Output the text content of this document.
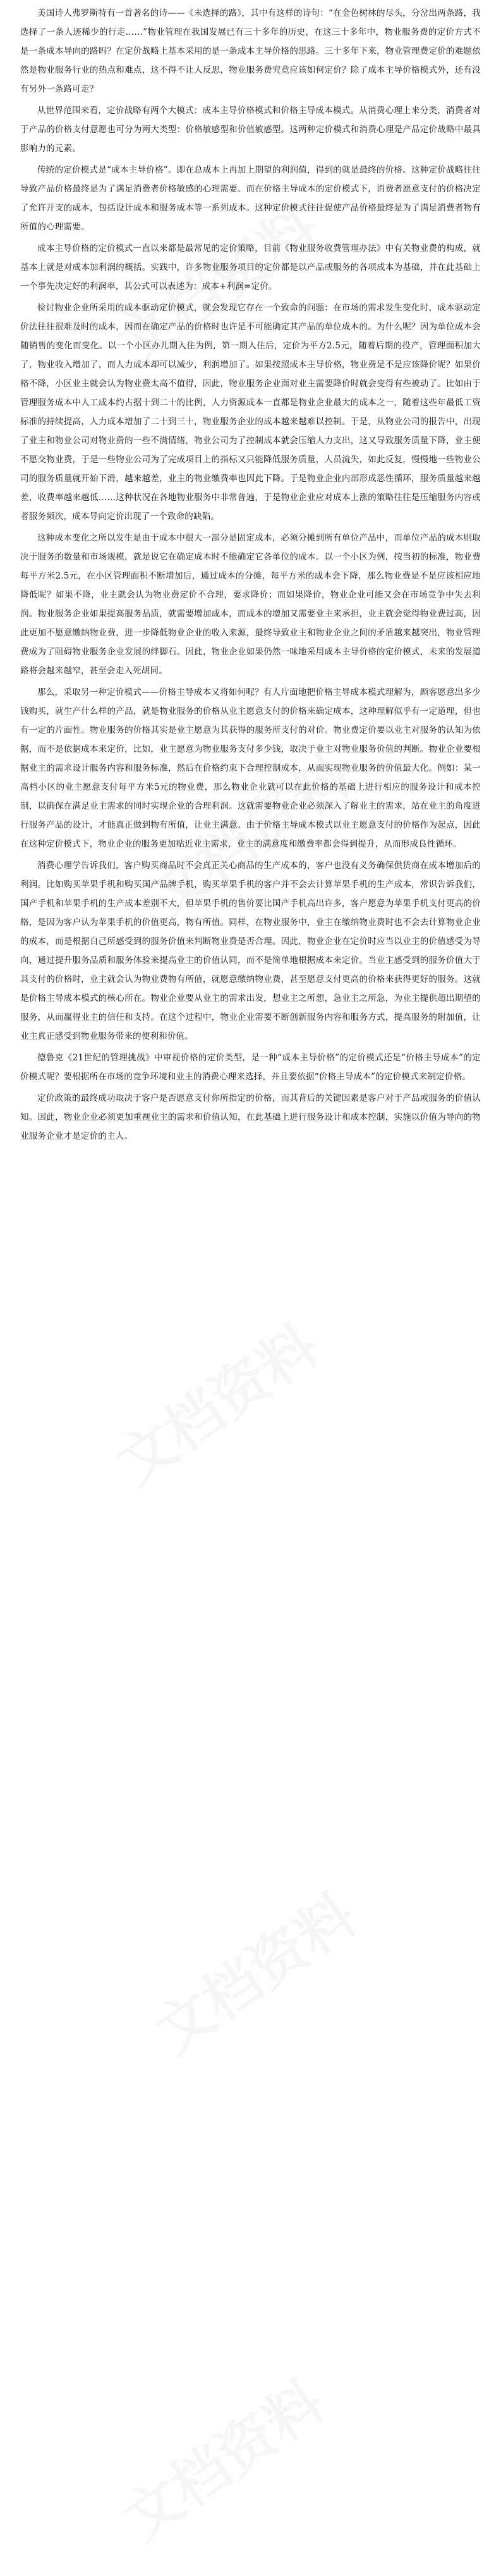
美国诗人弗罗斯特有一首著名的诗——《未选择的路》，其中有这样的诗句：“在金色树林的尽头，分岔出两条路，我选择了一条人迹稀少的行走……”物业管理在我国发展已有三十多年的历史，在这三十多年中，物业服务费的定价方式不是一条成本导向的路吗？在定价战略上基本采用的是一条成本主导价格的思路。三十多年下来，物业管理费定价的难题依然是物业服务行业的热点和难点，这不得不让人反思，物业服务费究竟应该如何定价？除了成本主导价格模式外，还有没有另外一条路可走？

从世界范围来看，定价战略有两个大模式：成本主导价格模式和价格主导成本模式。从消费心理上来分类，消费者对于产品的价格支付意愿也可分为两大类型：价格敏感型和价值敏感型。这两种定价模式和消费心理是产品定价战略中最具影响力的元素。

传统的定价模式是“成本主导价格”。即在总成本上再加上期望的利润值，得到的就是最终的价格。这种定价战略往往导致产品价格最终是为了满足消费者价格敏感的心理需要。而在价格主导成本的定价模式下，消费者愿意支付的价格决定了允许开支的成本，包括设计成本和服务成本等一系列成本。这种定价模式往往促使产品价格最终是为了满足消费者物有所值的心理需要。

成本主导价格的定价模式一直以来都是最常见的定价策略，目前《物业服务收费管理办法》中有关物业费的构成，就基本上就是对成本加利润的概括。实践中，许多物业服务项目的定价都是以产品或服务的各项成本为基础，并在此基础上一个事先决定好的利润率，其公式可以表述为：成本+利润=定价。

检讨物业企业所采用的成本驱动定价模式，就会发现它存在一个致命的问题：在市场的需求发生变化时，成本驱动定价法往往很难及时的成本，因而在确定产品的价格时也许是不可能确定其产品的单位成本的。为什么呢？因为单位成本会随销售的变化而变化。以一个小区办儿期入住为例，第一期入住后，定价为平方2.5元，随着后期的投产，管理面积加大了，物业收入增加了，而人力成本却可以减少，利润增加了。如果按照成本主导价格，物业费是不是应该降价呢？如果价格不降，小区业主就会认为物业费太高不值得，因此，物业服务企业面对业主需要降价时就会变得有些被动了。比如由于管理服务成本中人工成本约占据十到二十的比例，人力资源成本一直都是物业企业最大的成本之一，随着这些年最低工资标准的持续提高，人力成本增加了二十到三十，物业服务企业的成本越来越难以控制。于是，从物业公司的报告中，出现了业主和物业公司对物业费的一些不满情绪，物业公司为了控制成本就会压缩人力支出，这又导致服务质量下降，业主便不愿交物业费，于是一些物业公司为了完成项目上的指标又只能降低服务质量，人员流失，如此反复，慢慢地一些物业公司的服务质量就开始下滑，越来越差，业主的物业缴费率也因此下降。于是物业企业内部形成恶性循环，服务质量越来越差，收费率越来越低……这种状况在各地物业服务中非常普遍，于是物业企业应对成本上涨的策略往往是压缩服务内容或者服务频次，成本导向定价出现了一个致命的缺陷。

这种成本变化之所以发生是由于成本中很大一部分是固定成本，必须分摊到所有单位产品中，而单位产品的成本则取决于服务的数量和市场规模，就是说它在确定成本时不能确定它各单位的成本。以一个小区为例，按当初的标准，物业费每平方米2.5元，在小区管理面积不断增加后，通过成本的分摊，每平方米的成本会下降，那么物业费是不是应该相应地降低呢？如果不降，业主就会认为物业费定价不合理，要求降价；而如果降价，物业企业可能又会在市场竞争中失去利润。物业服务企业如果提高服务品质，就需要增加成本，而成本的增加又需要业主来承担，业主就会觉得物业费过高，因此更加不愿意缴纳物业费，进一步降低物业企业的收入来源，最终导致业主和物业企业之间的矛盾越来越突出，物业管理费成为了阻碍物业服务企业发展的绊脚石。因此，物业企业如果仍然一味地采用成本主导价格的定价模式，未来的发展道路将会越来越窄，甚至会走入死胡同。

那么，采取另一种定价模式——价格主导成本又将如何呢？有人片面地把价格主导成本模式理解为，顾客愿意出多少钱购买，就生产什么样的产品，就是物业服务的价格从业主愿意支付的价格来确定成本，这种理解似乎有一定道理，但也有一定的片面性。物业服务的价格其实是业主愿意为其获得的服务所支付的对价。物业费定价要以业主对服务的认知为依据，而不是依据成本来定价，比如，业主愿意为物业服务支付多少钱，取决于业主对物业服务价值的判断。物业企业要根据业主的需求设计服务内容和服务标准，然后在价格约束下合理控制成本，从而实现物业服务的价值最大化。例如：某一高档小区的业主愿意支付每平方米5元的物业费，那么物业企业就可以在此价格的基础上进行相应的服务设计和成本控制，以确保在满足业主需求的同时实现企业的合理利润。这就需要物业企业必须深入了解业主的需求，站在业主的角度进行服务产品的设计，才能真正做到物有所值，让业主满意。由于价格主导成本模式以业主愿意支付的价格作为起点，因此在这种定价模式下，物业企业的服务更加贴近业主需求，业主的满意度和缴费率都会得到提升，从而形成良性循环。

消费心理学告诉我们，客户购买商品时不会真正关心商品的生产成本的，客户也没有义务确保供货商在成本增加后的利润。比如购买苹果手机和购买国产品牌手机，购买苹果手机的客户并不会去计算苹果手机的生产成本，常识告诉我们，国产手机和苹果手机的生产成本差别不大，但苹果手机的售价要比国产手机高出许多，客户愿意为苹果手机支付更高的价格，是因为客户认为苹果手机的价值更高，物有所值。同样，在物业服务中，业主在缴纳物业费时也不会去计算物业企业的成本，而是根据自己所感受到的服务价值来判断物业费是否合理。因此，物业企业在定价时应当以业主的价值感受为导向，通过提升服务品质和服务体验来提高业主的价值认同，而不是简单地根据成本来定价。当业主感受到的服务价值大于其支付的价格时，业主就会认为物业费物有所值，就愿意缴纳物业费，甚至愿意支付更高的价格来获得更好的服务。这就是价格主导成本模式的核心所在。物业企业要从业主的需求出发，想业主之所想，急业主之所急，为业主提供超出期望的服务，从而赢得业主的信任和支持。在这个过程中，物业企业需要不断创新服务内容和服务方式，提高服务的附加值，让业主真正感受到物业服务带来的便利和价值。

德鲁克《21世纪的管理挑战》中审视价格的定价类型，是一种“成本主导价格”的定价模式还是“价格主导成本”的定价模式呢？要根据所在市场的竞争环境和业主的消费心理来选择，并且要依据“价格主导成本”的定价模式来制定价格。

定价政策的最终成功取决于客户是否愿意支付你所指定的价格，而其背后的关键因素是客户对于产品或服务的价值认知。因此，物业企业必须更加重视业主的需求和价值认知，在此基础上进行服务设计和成本控制，实施以价值为导向的物业服务企业才是定价的主人。
